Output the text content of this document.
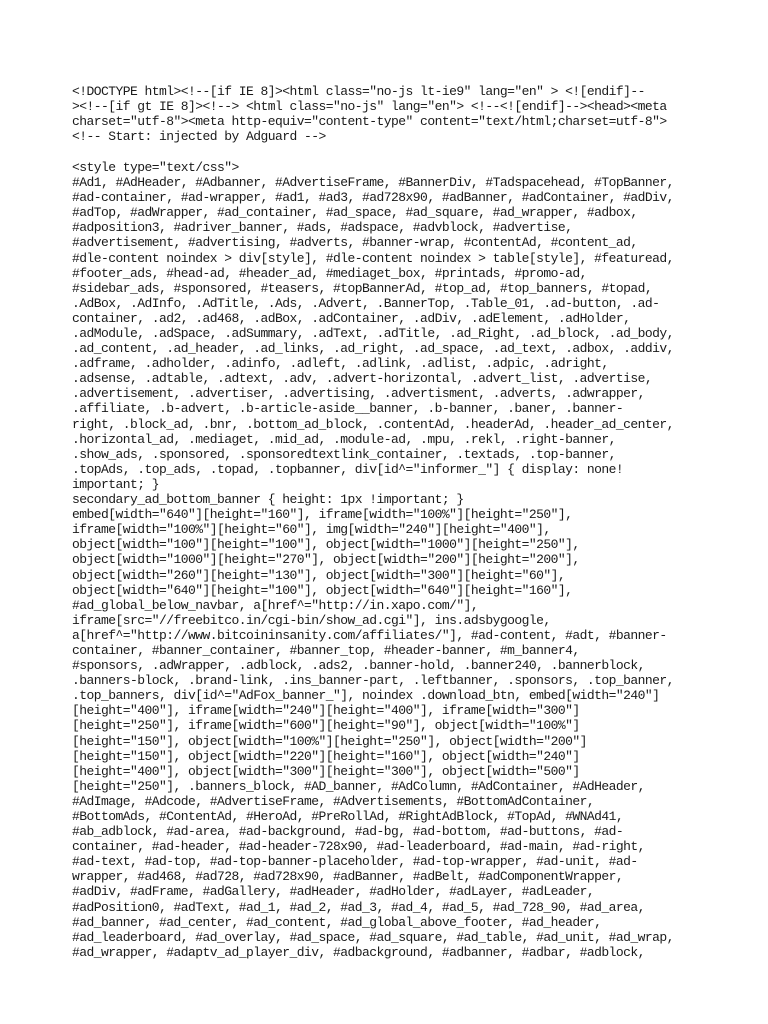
<!DOCTYPE html><!--[if IE 8]><html class="no-js lt-ie9" lang="en" > <![endif]--
><!--[if gt IE 8]><!--> <html class="no-js" lang="en"> <!--<![endif]--><head><meta
charset="utf-8"><meta http-equiv="content-type" content="text/html;charset=utf-8">
<!-- Start: injected by Adguard -->
<style type="text/css">
#Ad1, #AdHeader, #Adbanner, #AdvertiseFrame, #BannerDiv, #Tadspacehead, #TopBanner,
#ad-container, #ad-wrapper, #ad1, #ad3, #ad728x90, #adBanner, #adContainer, #adDiv,
#adTop, #adWrapper, #ad_container, #ad_space, #ad_square, #ad_wrapper, #adbox,
#adposition3, #adriver_banner, #ads, #adspace, #advblock, #advertise,
#advertisement, #advertising, #adverts, #banner-wrap, #contentAd, #content_ad,
#dle-content noindex > div[style], #dle-content noindex > table[style], #featuread,
#footer_ads, #head-ad, #header_ad, #mediaget_box, #printads, #promo-ad,
#sidebar_ads, #sponsored, #teasers, #topBannerAd, #top_ad, #top_banners, #topad,
.AdBox, .AdInfo, .AdTitle, .Ads, .Advert, .BannerTop, .Table_01, .ad-button, .ad-
container, .ad2, .ad468, .adBox, .adContainer, .adDiv, .adElement, .adHolder,
.adModule, .adSpace, .adSummary, .adText, .adTitle, .ad_Right, .ad_block, .ad_body,
.ad_content, .ad_header, .ad_links, .ad_right, .ad_space, .ad_text, .adbox, .addiv,
.adframe, .adholder, .adinfo, .adleft, .adlink, .adlist, .adpic, .adright,
.adsense, .adtable, .adtext, .adv, .advert-horizontal, .advert_list, .advertise,
.advertisement, .advertiser, .advertising, .advertisment, .adverts, .adwrapper,
.affiliate, .b-advert, .b-article-aside__banner, .b-banner, .baner, .banner-
right, .block_ad, .bnr, .bottom_ad_block, .contentAd, .headerAd, .header_ad_center,
.horizontal_ad, .mediaget, .mid_ad, .module-ad, .mpu, .rekl, .right-banner,
.show_ads, .sponsored, .sponsoredtextlink_container, .textads, .top-banner,
.topAds, .top_ads, .topad, .topbanner, div[id^="informer_"] { display: none!
important; }
secondary_ad_bottom_banner { height: 1px !important; }
embed[width="640"][height="160"], iframe[width="100%"][height="250"],
iframe[width="100%"][height="60"], img[width="240"][height="400"],
object[width="100"][height="100"], object[width="1000"][height="250"],
object[width="1000"][height="270"], object[width="200"][height="200"],
object[width="260"][height="130"], object[width="300"][height="60"],
object[width="640"][height="100"], object[width="640"][height="160"],
#ad_global_below_navbar, a[href^="http://in.xapo.com/"],
iframe[src="//freebitco.in/cgi-bin/show_ad.cgi"], ins.adsbygoogle,
a[href^="http://www.bitcoininsanity.com/affiliates/"], #ad-content, #adt, #banner-
container, #banner_container, #banner_top, #header-banner, #m_banner4,
#sponsors, .adWrapper, .adblock, .ads2, .banner-hold, .banner240, .bannerblock,
.banners-block, .brand-link, .ins_banner-part, .leftbanner, .sponsors, .top_banner,
.top_banners, div[id^="AdFox_banner_"], noindex .download_btn, embed[width="240"]
[height="400"], iframe[width="240"][height="400"], iframe[width="300"]
[height="250"], iframe[width="600"][height="90"], object[width="100%"]
[height="150"], object[width="100%"][height="250"], object[width="200"]
[height="150"], object[width="220"][height="160"], object[width="240"]
[height="400"], object[width="300"][height="300"], object[width="500"]
[height="250"], .banners_block, #AD_banner, #AdColumn, #AdContainer, #AdHeader,
#AdImage, #Adcode, #AdvertiseFrame, #Advertisements, #BottomAdContainer,
#BottomAds, #ContentAd, #HeroAd, #PreRollAd, #RightAdBlock, #TopAd, #WNAd41,
#ab_adblock, #ad-area, #ad-background, #ad-bg, #ad-bottom, #ad-buttons, #ad-
container, #ad-header, #ad-header-728x90, #ad-leaderboard, #ad-main, #ad-right,
#ad-text, #ad-top, #ad-top-banner-placeholder, #ad-top-wrapper, #ad-unit, #ad-
wrapper, #ad468, #ad728, #ad728x90, #adBanner, #adBelt, #adComponentWrapper,
#adDiv, #adFrame, #adGallery, #adHeader, #adHolder, #adLayer, #adLeader,
#adPosition0, #adText, #ad_1, #ad_2, #ad_3, #ad_4, #ad_5, #ad_728_90, #ad_area,
#ad_banner, #ad_center, #ad_content, #ad_global_above_footer, #ad_header,
#ad_leaderboard, #ad_overlay, #ad_space, #ad_square, #ad_table, #ad_unit, #ad_wrap,
#ad_wrapper, #adaptv_ad_player_div, #adbackground, #adbanner, #adbar, #adblock,
